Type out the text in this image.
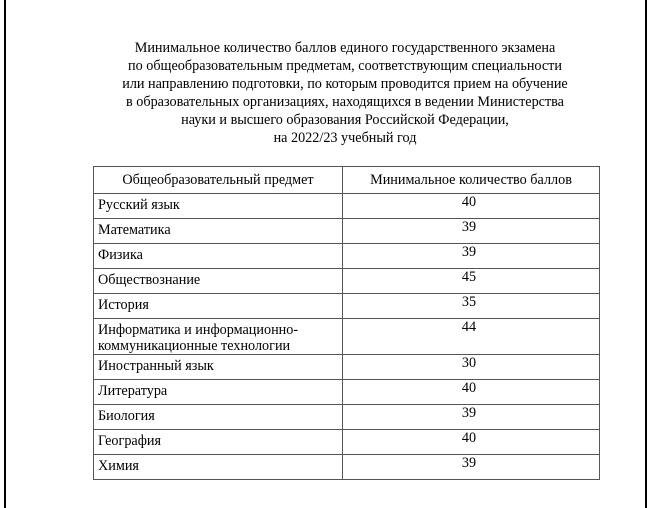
Минимальное количество баллов единого государственного экзамена
по общеобразовательным предметам, соответствующим специальности
или направлению подготовки, по которым проводится прием на обучение
в образовательных организациях, находящихся в ведении Министерства
науки и высшего образования Российской Федерации,
на 2022/23 учебный год
Общеобразовательный предмет	Минимальное количество баллов
Русский язык	40
Математика	39
Физика	39
Обществознание	45
История	35
Информатика и информационно-коммуникационные технологии	44
Иностранный язык	30
Литература	40
Биология	39
География	40
Химия	39
